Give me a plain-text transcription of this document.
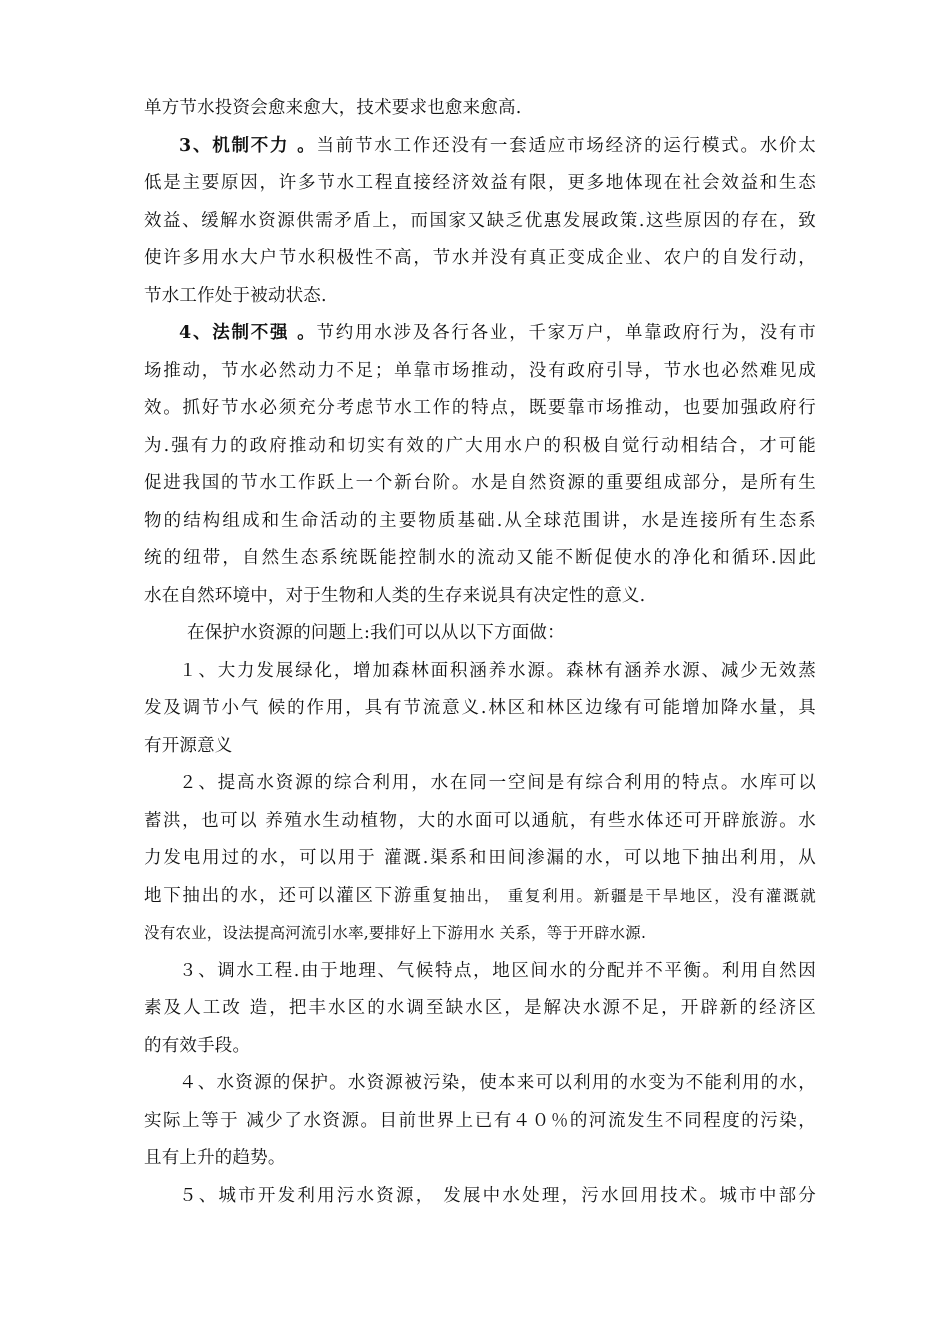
单方节水投资会愈来愈大，技术要求也愈来愈高.
3、机制不力 。当前节水工作还没有一套适应市场经济的运行模式。水价太
低是主要原因，许多节水工程直接经济效益有限，更多地体现在社会效益和生态
效益、缓解水资源供需矛盾上，而国家又缺乏优惠发展政策.这些原因的存在，致
使许多用水大户节水积极性不高，节水并没有真正变成企业、农户的自发行动，
节水工作处于被动状态.
4、法制不强 。节约用水涉及各行各业，千家万户，单靠政府行为，没有市
场推动，节水必然动力不足；单靠市场推动，没有政府引导，节水也必然难见成
效。抓好节水必须充分考虑节水工作的特点，既要靠市场推动，也要加强政府行
为.强有力的政府推动和切实有效的广大用水户的积极自觉行动相结合，才可能
促进我国的节水工作跃上一个新台阶。水是自然资源的重要组成部分，是所有生
物的结构组成和生命活动的主要物质基础.从全球范围讲，水是连接所有生态系
统的纽带，自然生态系统既能控制水的流动又能不断促使水的净化和循环.因此
水在自然环境中，对于生物和人类的生存来说具有决定性的意义.
在保护水资源的问题上:我们可以从以下方面做：
１、大力发展绿化，增加森林面积涵养水源。森林有涵养水源、减少无效蒸
发及调节小气 候的作用，具有节流意义.林区和林区边缘有可能增加降水量，具
有开源意义
２、提高水资源的综合利用，水在同一空间是有综合利用的特点。水库可以
蓄洪，也可以 养殖水生动植物，大的水面可以通航，有些水体还可开辟旅游。水
力发电用过的水，可以用于 灌溉.渠系和田间渗漏的水，可以地下抽出利用，从
地下抽出的水，还可以灌区下游重复抽出， 重复利用。新疆是干旱地区，没有灌溉就
没有农业，设法提高河流引水率,要排好上下游用水 关系，等于开辟水源.
３、调水工程.由于地理、气候特点，地区间水的分配并不平衡。利用自然因
素及人工改 造，把丰水区的水调至缺水区，是解决水源不足，开辟新的经济区
的有效手段。
４、水资源的保护。水资源被污染，使本来可以利用的水变为不能利用的水，
实际上等于 减少了水资源。目前世界上已有４０％的河流发生不同程度的污染，
且有上升的趋势。
５、城市开发利用污水资源， 发展中水处理，污水回用技术。城市中部分
